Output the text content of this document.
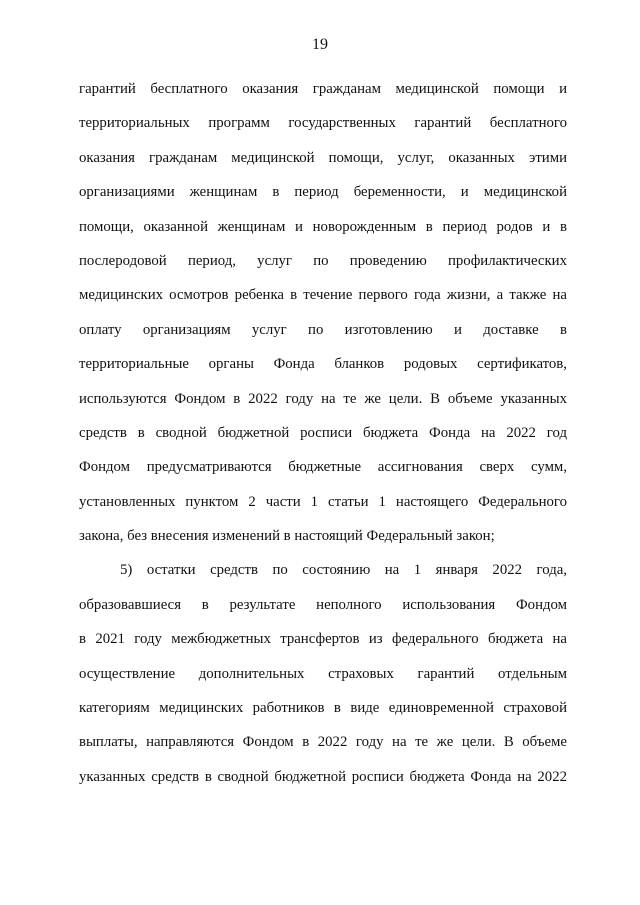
19
гарантий бесплатного оказания гражданам медицинской помощи и
территориальных программ государственных гарантий бесплатного
оказания гражданам медицинской помощи, услуг, оказанных этими
организациями женщинам в период беременности, и медицинской
помощи, оказанной женщинам и новорожденным в период родов и в
послеродовой период, услуг по проведению профилактических
медицинских осмотров ребенка в течение первого года жизни, а также на
оплату организациям услуг по изготовлению и доставке в
территориальные органы Фонда бланков родовых сертификатов,
используются Фондом в 2022 году на те же цели. В объеме указанных
средств в сводной бюджетной росписи бюджета Фонда на 2022 год
Фондом предусматриваются бюджетные ассигнования сверх сумм,
установленных пунктом 2 части 1 статьи 1 настоящего Федерального
закона, без внесения изменений в настоящий Федеральный закон;
5) остатки средств по состоянию на 1 января 2022 года,
образовавшиеся в результате неполного использования Фондом
в 2021 году межбюджетных трансфертов из федерального бюджета на
осуществление дополнительных страховых гарантий отдельным
категориям медицинских работников в виде единовременной страховой
выплаты, направляются Фондом в 2022 году на те же цели. В объеме
указанных средств в сводной бюджетной росписи бюджета Фонда на 2022
